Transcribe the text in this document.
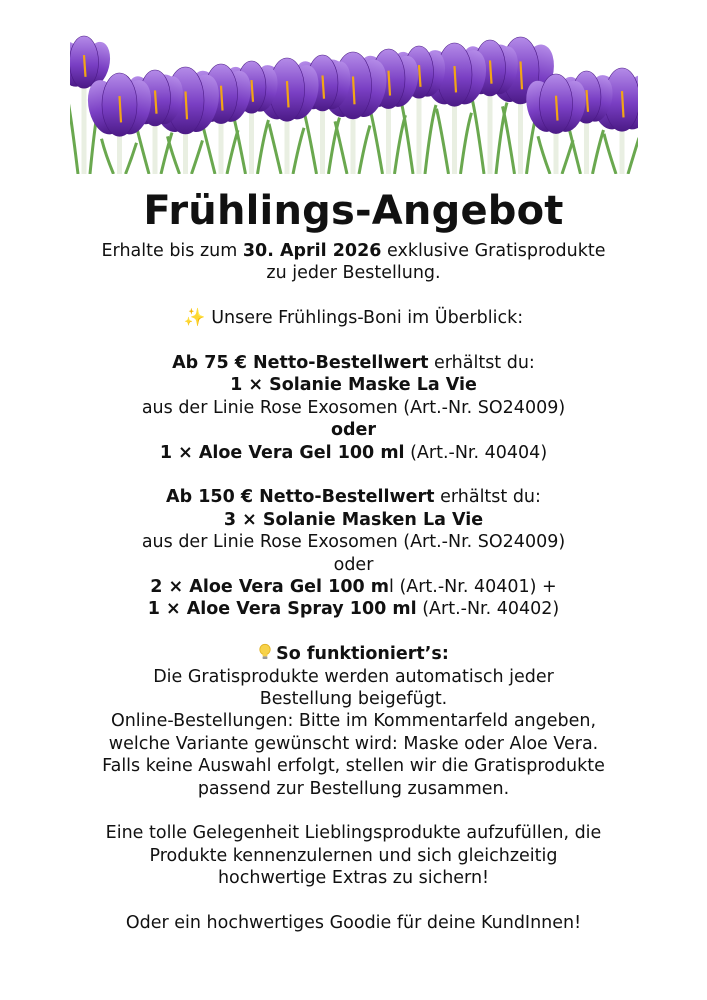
Frühlings-Angebot
Erhalte bis zum 30. April 2026 exklusive Gratisprodukte
zu jeder Bestellung.
✨ Unsere Frühlings-Boni im Überblick:
Ab 75 € Netto-Bestellwert erhältst du:
1 × Solanie Maske La Vie
aus der Linie Rose Exosomen (Art.-Nr. SO24009)
oder
1 × Aloe Vera Gel 100 ml (Art.-Nr. 40404)
Ab 150 € Netto-Bestellwert erhältst du:
3 × Solanie Masken La Vie
aus der Linie Rose Exosomen (Art.-Nr. SO24009)
oder
2 × Aloe Vera Gel 100 ml (Art.-Nr. 40401) +
1 × Aloe Vera Spray 100 ml (Art.-Nr. 40402)
So funktioniert’s:
Die Gratisprodukte werden automatisch jeder
Bestellung beigefügt.
Online-Bestellungen: Bitte im Kommentarfeld angeben,
welche Variante gewünscht wird: Maske oder Aloe Vera.
Falls keine Auswahl erfolgt, stellen wir die Gratisprodukte
passend zur Bestellung zusammen.
Eine tolle Gelegenheit Lieblingsprodukte aufzufüllen, die
Produkte kennenzulernen und sich gleichzeitig
hochwertige Extras zu sichern!
Oder ein hochwertiges Goodie für deine KundInnen!
